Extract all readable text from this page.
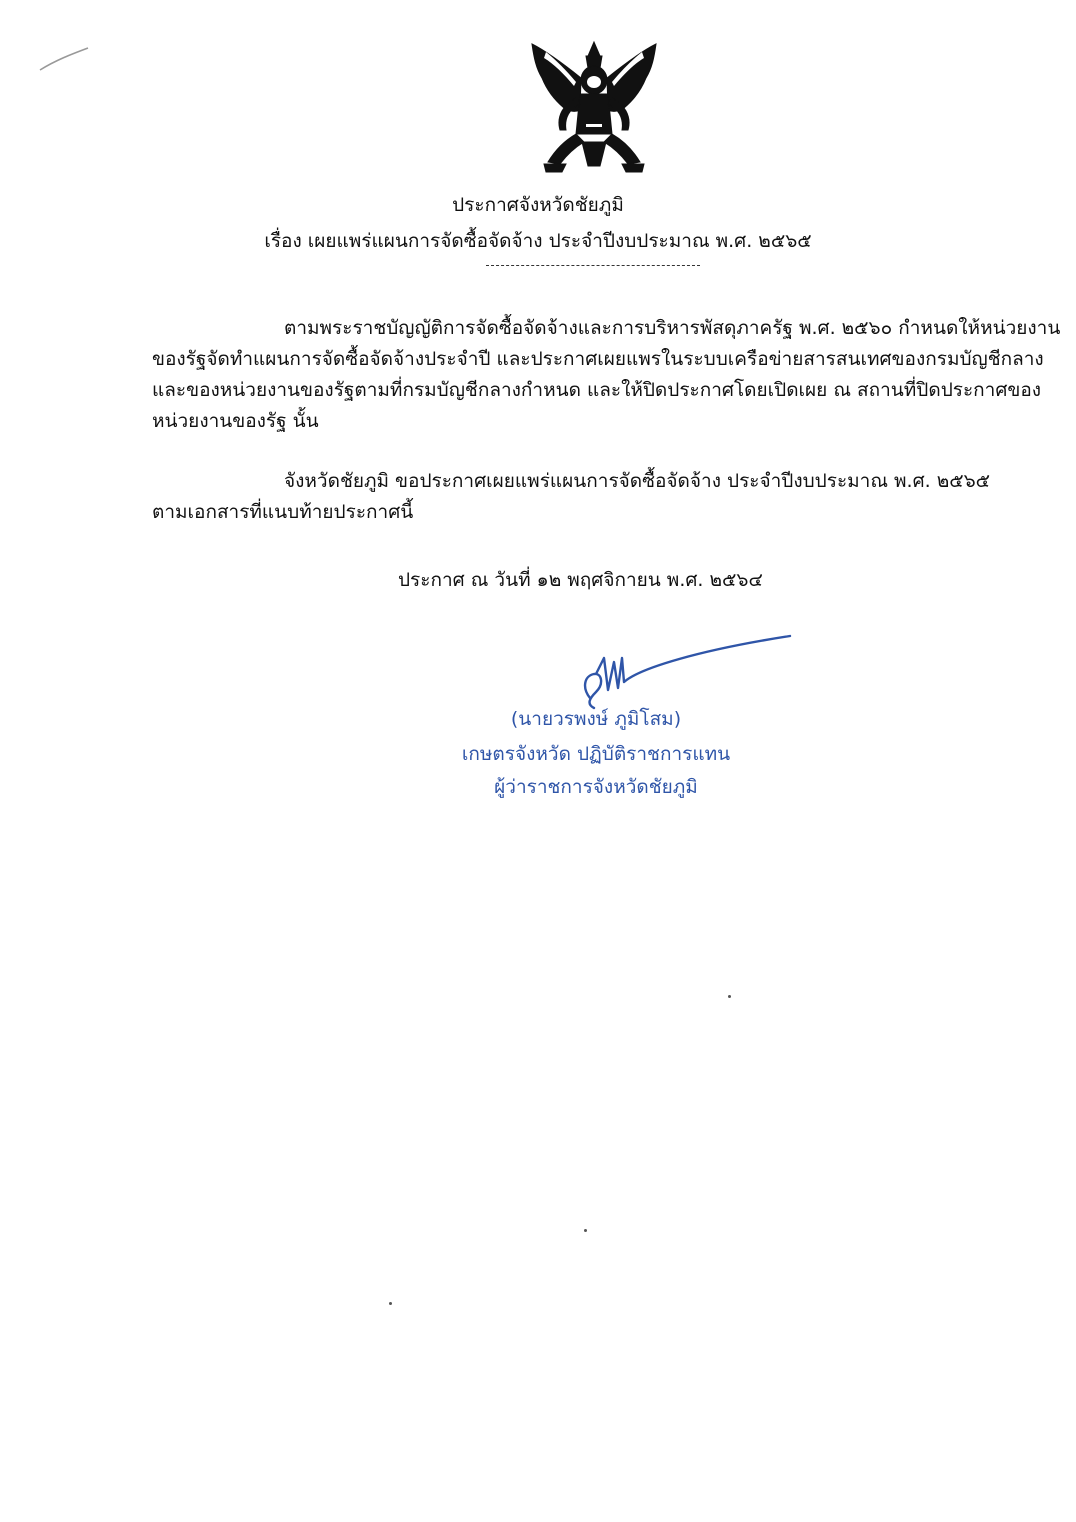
ประกาศจังหวัดชัยภูมิ
เรื่อง เผยแพร่แผนการจัดซื้อจัดจ้าง ประจำปีงบประมาณ พ.ศ. ๒๕๖๕
ตามพระราชบัญญัติการจัดซื้อจัดจ้างและการบริหารพัสดุภาครัฐ พ.ศ. ๒๕๖๐ กำหนดให้หน่วยงาน
ของรัฐจัดทำแผนการจัดซื้อจัดจ้างประจำปี และประกาศเผยแพรในระบบเครือข่ายสารสนเทศของกรมบัญชีกลาง
และของหน่วยงานของรัฐตามที่กรมบัญชีกลางกำหนด และให้ปิดประกาศโดยเปิดเผย ณ สถานที่ปิดประกาศของ
หน่วยงานของรัฐ นั้น
จังหวัดชัยภูมิ ขอประกาศเผยแพร่แผนการจัดซื้อจัดจ้าง ประจำปีงบประมาณ พ.ศ. ๒๕๖๕
ตามเอกสารที่แนบท้ายประกาศนี้
ประกาศ ณ วันที่ ๑๒ พฤศจิกายน พ.ศ. ๒๕๖๔
(นายวรพงษ์ ภูมิโสม)
เกษตรจังหวัด ปฏิบัติราชการแทน
ผู้ว่าราชการจังหวัดชัยภูมิ
